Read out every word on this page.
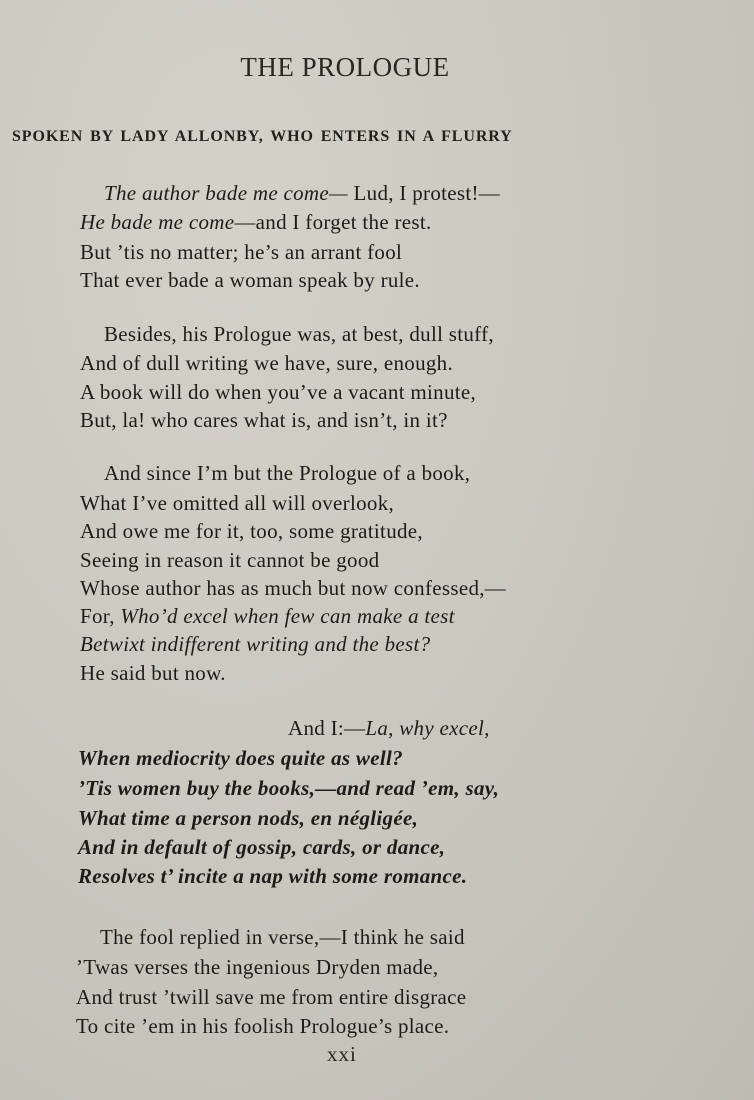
THE PROLOGUE
SPOKEN BY LADY ALLONBY, WHO ENTERS IN A FLURRY
The author bade me come— Lud, I protest!—
He bade me come—and I forget the rest.
But ’tis no matter; he’s an arrant fool
That ever bade a woman speak by rule.
Besides, his Prologue was, at best, dull stuff,
And of dull writing we have, sure, enough.
A book will do when you’ve a vacant minute,
But, la! who cares what is, and isn’t, in it?
And since I’m but the Prologue of a book,
What I’ve omitted all will overlook,
And owe me for it, too, some gratitude,
Seeing in reason it cannot be good
Whose author has as much but now confessed,—
For, Who’d excel when few can make a test
Betwixt indifferent writing and the best?
He said but now.
And I:—La, why excel,
When mediocrity does quite as well?
’Tis women buy the books,—and read ’em, say,
What time a person nods, en négligée,
And in default of gossip, cards, or dance,
Resolves t’ incite a nap with some romance.
The fool replied in verse,—I think he said
’Twas verses the ingenious Dryden made,
And trust ’twill save me from entire disgrace
To cite ’em in his foolish Prologue’s place.
xxi
